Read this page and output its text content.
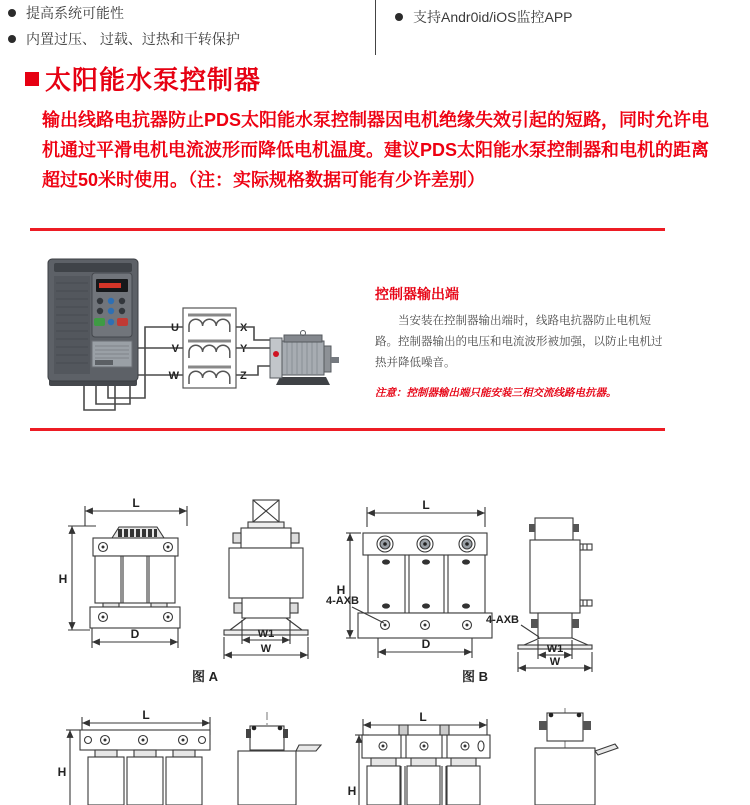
提高系统可能性
内置过压、 过载、过热和干转保护
支持Andr0id/iOS监控APP
太阳能水泵控制器

输出线路电抗器防止PDS太阳能水泵控制器因电机绝缘失效引起的短路，同时允许电机通过平滑电机电流波形而降低电机温度。建议PDS太阳能水泵控制器和电机的距离超过50米时使用。（注：实际规格数据可能有少许差别）

U
V
W
X
Y
Z

控制器输出端

当安装在控制器输出端时，线路电抗器防止电机短路。控制器输出的电压和电流波形被加强，以防止电机过热并降低噪音。

注意：控制器输出端只能安装三相交流线路电抗器。

L
H
D	W1
W
图 A
L
H
4-AXB
D
4-AXB
W1
W
图 B
L
H
L
H
